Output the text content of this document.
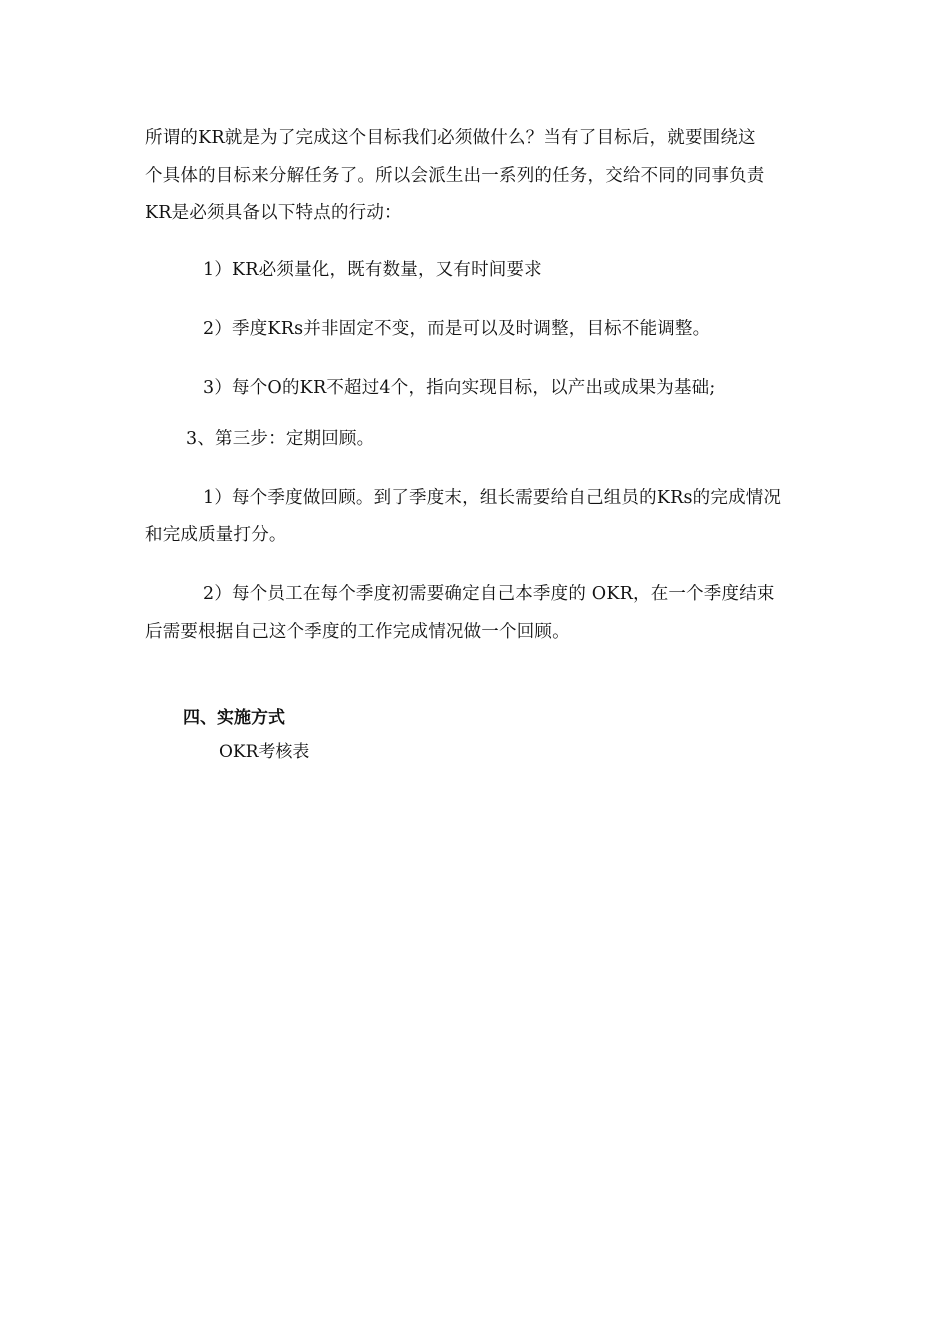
所谓的KR就是为了完成这个目标我们必须做什么？当有了目标后，就要围绕这
个具体的目标来分解任务了。所以会派生出一系列的任务，交给不同的同事负责
KR是必须具备以下特点的行动：
1）KR必须量化，既有数量，又有时间要求
2）季度KRs并非固定不变，而是可以及时调整，目标不能调整。
3）每个O的KR不超过4个，指向实现目标，以产出或成果为基础;
3、第三步：定期回顾。
1）每个季度做回顾。到了季度末，组长需要给自己组员的KRs的完成情况
和完成质量打分。
2）每个员工在每个季度初需要确定自己本季度的 OKR，在一个季度结束
后需要根据自己这个季度的工作完成情况做一个回顾。
四、实施方式
OKR考核表
